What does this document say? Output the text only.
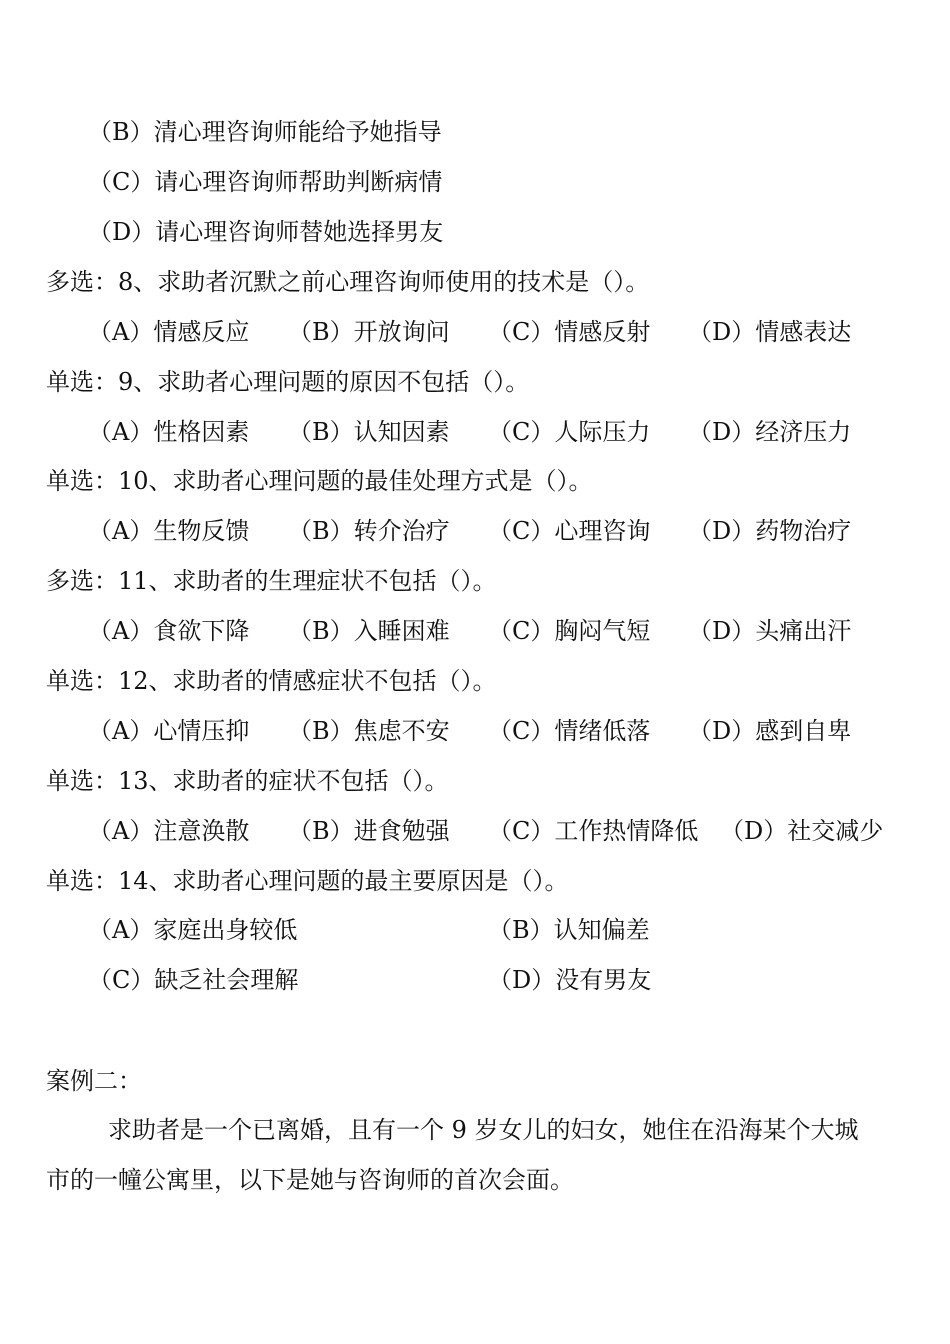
（B）清心理咨询师能给予她指导
（C）请心理咨询师帮助判断病情
（D）请心理咨询师替她选择男友
多选：8、求助者沉默之前心理咨询师使用的技术是（）。
（A）情感反应 （B）开放询问 （C）情感反射 （D）情感表达
单选：9、求助者心理问题的原因不包括（）。
（A）性格因素 （B）认知因素 （C）人际压力 （D）经济压力
单选：10、求助者心理问题的最佳处理方式是（）。
（A）生物反馈 （B）转介治疗 （C）心理咨询 （D）药物治疗
多选：11、求助者的生理症状不包括（）。
（A）食欲下降 （B）入睡困难 （C）胸闷气短 （D）头痛出汗
单选：12、求助者的情感症状不包括（）。
（A）心情压抑 （B）焦虑不安 （C）情绪低落 （D）感到自卑
单选：13、求助者的症状不包括（）。
（A）注意涣散 （B）进食勉强 （C）工作热情降低 （D）社交减少
单选：14、求助者心理问题的最主要原因是（）。
（A）家庭出身较低	（B）认知偏差
（C）缺乏社会理解	（D）没有男友
案例二：
求助者是一个已离婚，且有一个 9 岁女儿的妇女，她住在沿海某个大城
市的一幢公寓里，以下是她与咨询师的首次会面。
